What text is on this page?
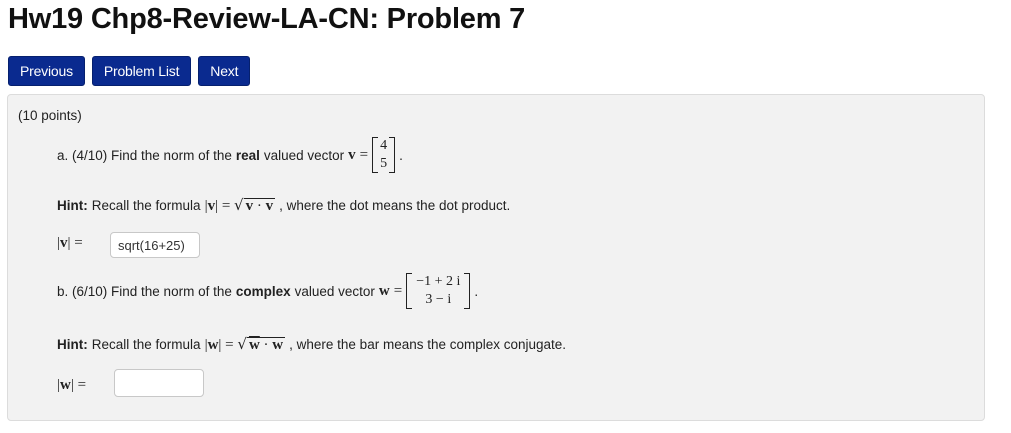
Hw19 Chp8-Review-LA-CN: Problem 7
Previous	Problem List	Next
(10 points)
a. (4/10) Find the norm of the real valued vector v =
4
5
.
Hint: Recall the formula |v| = √ v · v , where the dot means the dot product.
|v| =
sqrt(16+25)
b. (6/10) Find the norm of the complex valued vector w =
−1 + 2 i
3 − i
.
Hint: Recall the formula |w| = √ w · w , where the bar means the complex conjugate.
|w| =
